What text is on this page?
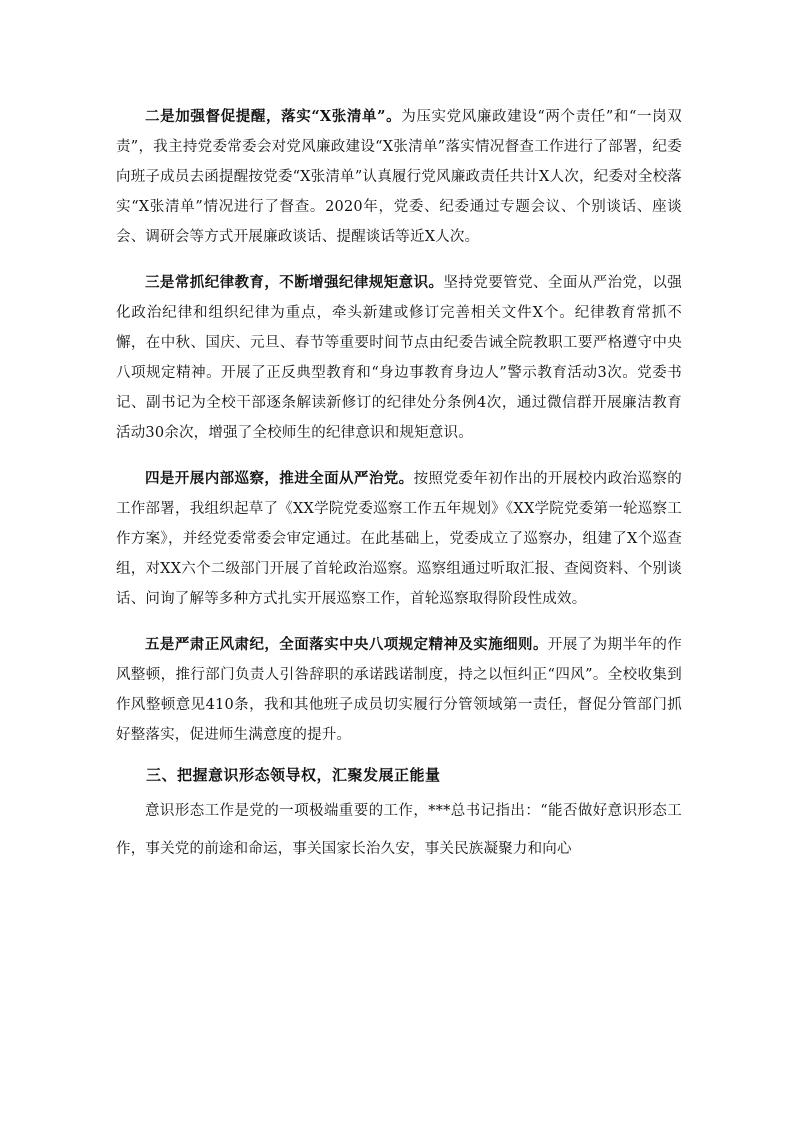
二是加强督促提醒，落实“X张清单”。为压实党风廉政建设“两个责任”和“一岗双责”，我主持党委常委会对党风廉政建设“X张清单”落实情况督查工作进行了部署，纪委向班子成员去函提醒按党委“X张清单”认真履行党风廉政责任共计X人次，纪委对全校落实“X张清单”情况进行了督查。2020年，党委、纪委通过专题会议、个别谈话、座谈会、调研会等方式开展廉政谈话、提醒谈话等近X人次。

三是常抓纪律教育，不断增强纪律规矩意识。坚持党要管党、全面从严治党，以强化政治纪律和组织纪律为重点，牵头新建或修订完善相关文件X个。纪律教育常抓不懈，在中秋、国庆、元旦、春节等重要时间节点由纪委告诫全院教职工要严格遵守中央八项规定精神。开展了正反典型教育和“身边事教育身边人”警示教育活动3次。党委书记、副书记为全校干部逐条解读新修订的纪律处分条例4次，通过微信群开展廉洁教育活动30余次，增强了全校师生的纪律意识和规矩意识。

四是开展内部巡察，推进全面从严治党。按照党委年初作出的开展校内政治巡察的工作部署，我组织起草了《XX学院党委巡察工作五年规划》《XX学院党委第一轮巡察工作方案》，并经党委常委会审定通过。在此基础上，党委成立了巡察办，组建了X个巡查组，对XX六个二级部门开展了首轮政治巡察。巡察组通过听取汇报、查阅资料、个别谈话、问询了解等多种方式扎实开展巡察工作，首轮巡察取得阶段性成效。

五是严肃正风肃纪，全面落实中央八项规定精神及实施细则。开展了为期半年的作风整顿，推行部门负责人引咎辞职的承诺践诺制度，持之以恒纠正“四风”。全校收集到作风整顿意见410条，我和其他班子成员切实履行分管领域第一责任，督促分管部门抓好整落实，促进师生满意度的提升。

三、把握意识形态领导权，汇聚发展正能量

意识形态工作是党的一项极端重要的工作，***总书记指出：“能否做好意识形态工作，事关党的前途和命运，事关国家长治久安，事关民族凝聚力和向心
